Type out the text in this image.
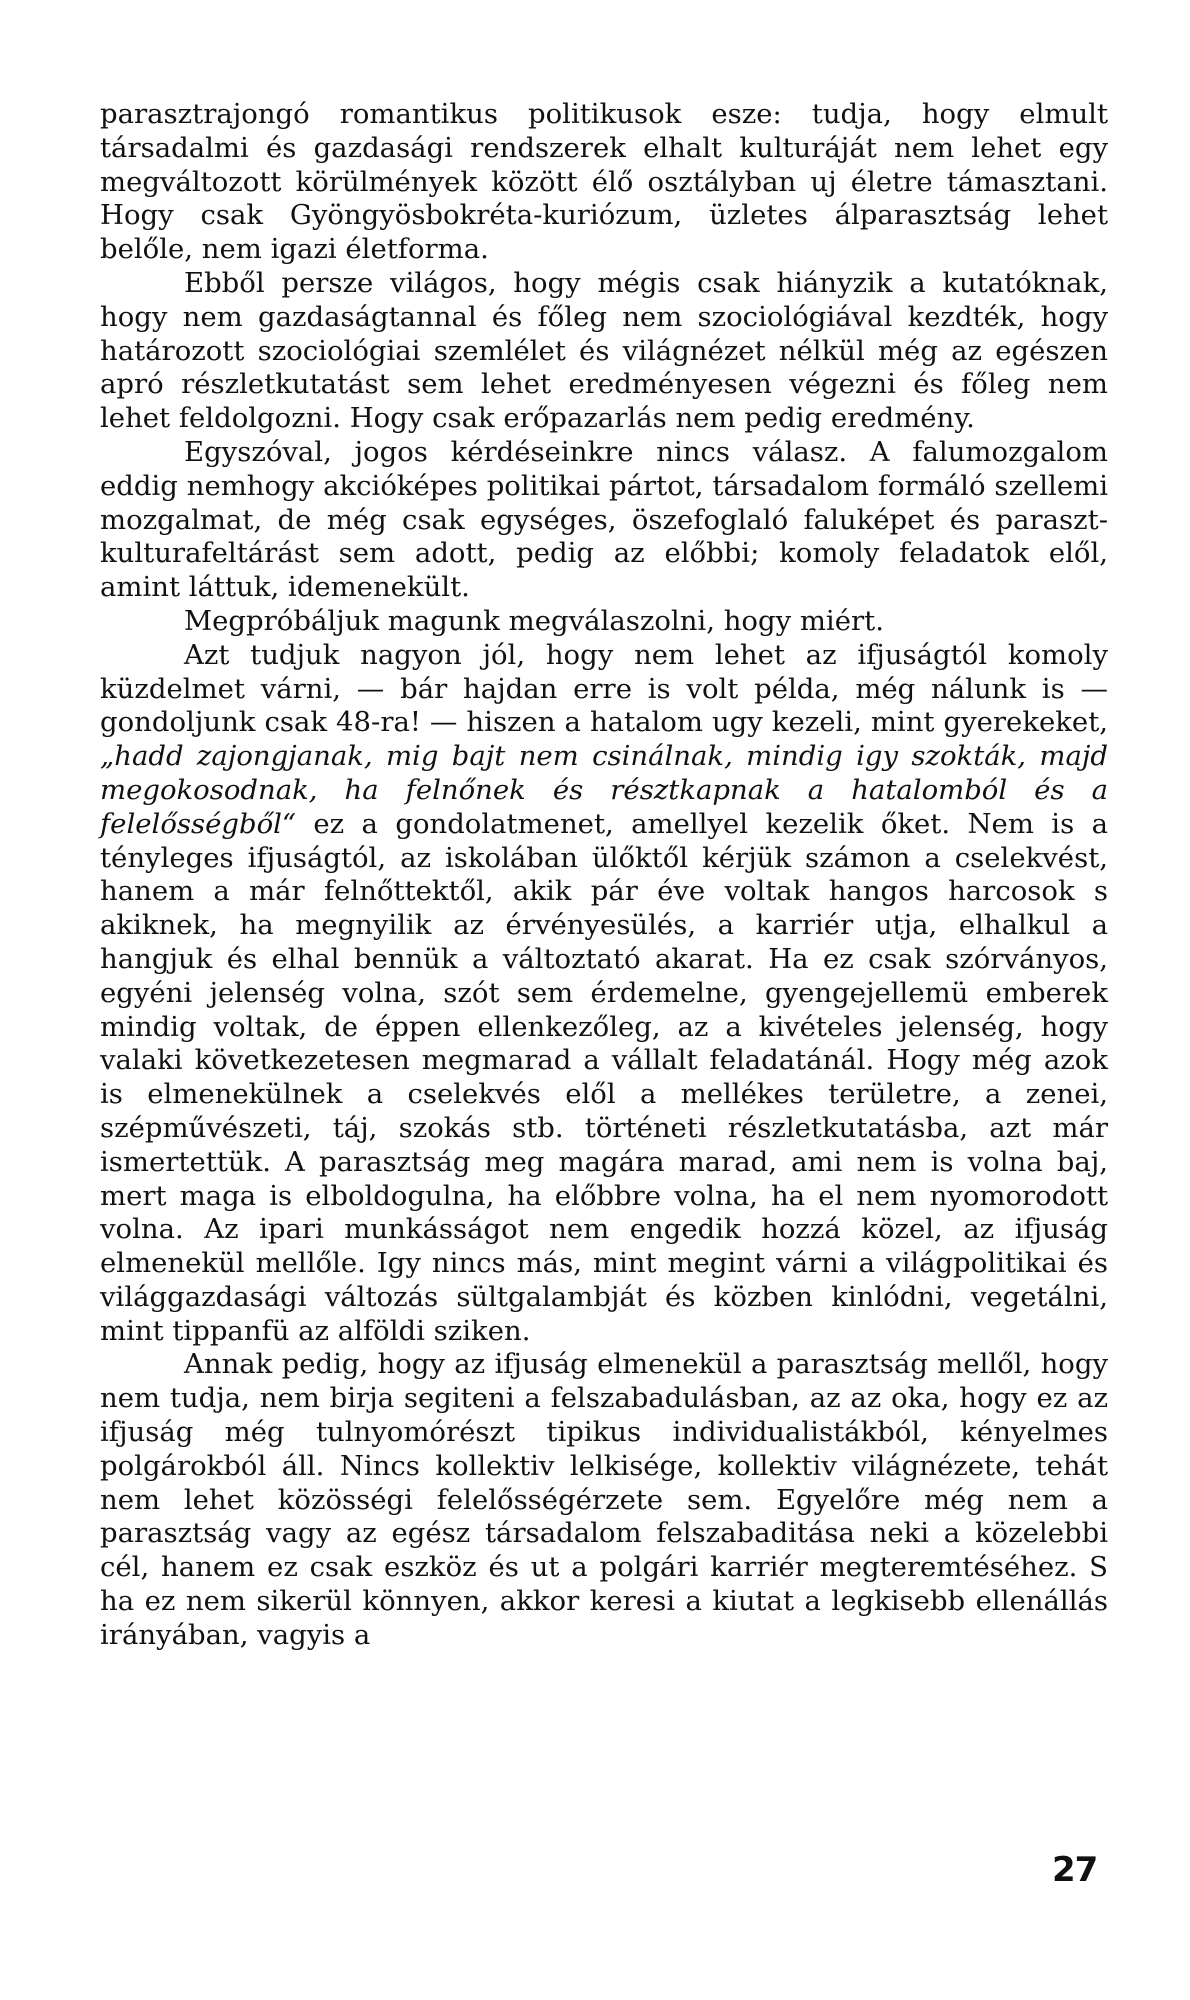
parasztrajongó romantikus politikusok esze: tudja, hogy elmult társadalmi és gazdasági rendszerek elhalt kulturáját nem lehet egy megváltozott körülmények között élő osztályban uj életre támasztani. Hogy csak Gyöngyösbokréta-kuriózum, üzletes álparasztság lehet belőle, nem igazi életforma.

Ebből persze világos, hogy mégis csak hiányzik a kutatóknak, hogy nem gazdaságtannal és főleg nem szociológiával kezdték, hogy határozott szociológiai szemlélet és világnézet nélkül még az egészen apró részletkutatást sem lehet eredményesen végezni és főleg nem lehet feldolgozni. Hogy csak erőpazarlás nem pedig eredmény.

Egyszóval, jogos kérdéseinkre nincs válasz. A falumozgalom eddig nemhogy akcióképes politikai pártot, társadalom formáló szellemi mozgalmat, de még csak egységes, öszefoglaló faluképet és paraszt-kulturafeltárást sem adott, pedig az előbbi; komoly feladatok elől, amint láttuk, idemenekült.

Megpróbáljuk magunk megválaszolni, hogy miért.

Azt tudjuk nagyon jól, hogy nem lehet az ifjuságtól komoly küzdelmet várni, — bár hajdan erre is volt példa, még nálunk is — gondoljunk csak 48-ra! — hiszen a hatalom ugy kezeli, mint gyerekeket, „hadd zajongjanak, mig bajt nem csinálnak, mindig igy szokták, majd megokosodnak, ha felnőnek és résztkapnak a hatalomból és a felelősségből“ ez a gondolatmenet, amellyel kezelik őket. Nem is a tényleges ifjuságtól, az iskolában ülőktől kérjük számon a cselekvést, hanem a már felnőttektől, akik pár éve voltak hangos harcosok s akiknek, ha megnyilik az érvényesülés, a karriér utja, elhalkul a hangjuk és elhal bennük a változtató akarat. Ha ez csak szórványos, egyéni jelenség volna, szót sem érdemelne, gyengejellemü emberek mindig voltak, de éppen ellenkezőleg, az a kivételes jelenség, hogy valaki következetesen megmarad a vállalt feladatánál. Hogy még azok is elmenekülnek a cselekvés elől a mellékes területre, a zenei, szépművészeti, táj, szokás stb. történeti részletkutatásba, azt már ismertettük. A parasztság meg magára marad, ami nem is volna baj, mert maga is elboldogulna, ha előbbre volna, ha el nem nyomorodott volna. Az ipari munkásságot nem engedik hozzá közel, az ifjuság elmenekül mellőle. Igy nincs más, mint megint várni a világpolitikai és világgazdasági változás sültgalambját és közben kinlódni, vegetálni, mint tippanfü az alföldi sziken.

Annak pedig, hogy az ifjuság elmenekül a parasztság mellől, hogy nem tudja, nem birja segiteni a felszabadulásban, az az oka, hogy ez az ifjuság még tulnyomórészt tipikus individualistákból, kényelmes polgárokból áll. Nincs kollektiv lelkisége, kollektiv világnézete, tehát nem lehet közösségi felelősségérzete sem. Egyelőre még nem a parasztság vagy az egész társadalom felszabaditása neki a közelebbi cél, hanem ez csak eszköz és ut a polgári karriér megteremtéséhez. S ha ez nem sikerül könnyen, akkor keresi a kiutat a legkisebb ellenállás irányában, vagyis a

27
